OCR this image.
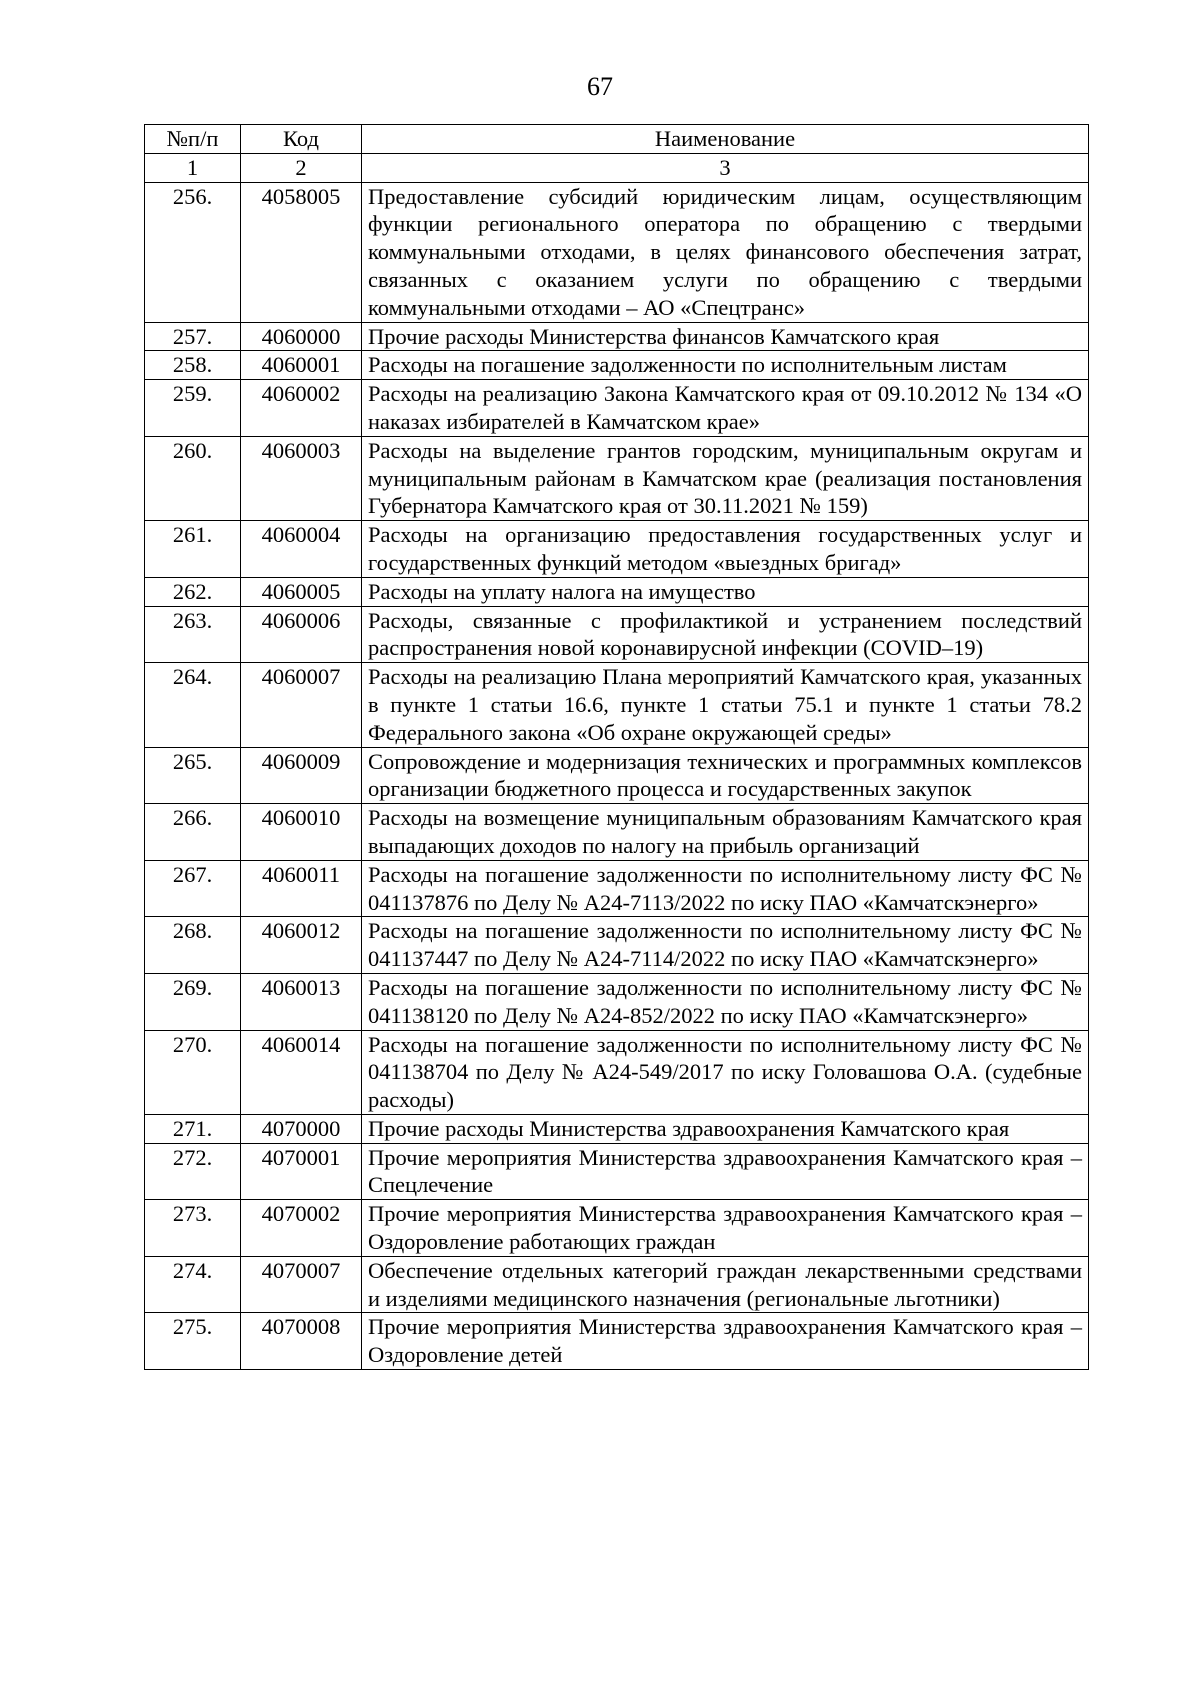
67
№п/п	Код	Наименование
1	2	3
256.	4058005	Предоставление субсидий юридическим лицам, осуществляющим функции регионального оператора по обращению с твердыми коммунальными отходами, в целях финансового обеспечения затрат, связанных с оказанием услуги по обращению с твердыми коммунальными отходами – АО «Спецтранс»
257.	4060000	Прочие расходы Министерства финансов Камчатского края
258.	4060001	Расходы на погашение задолженности по исполнительным листам
259.	4060002	Расходы на реализацию Закона Камчатского края от 09.10.2012 № 134 «О наказах избирателей в Камчатском крае»
260.	4060003	Расходы на выделение грантов городским, муниципальным округам и муниципальным районам в Камчатском крае (реализация постановления Губернатора Камчатского края от 30.11.2021 № 159)
261.	4060004	Расходы на организацию предоставления государственных услуг и государственных функций методом «выездных бригад»
262.	4060005	Расходы на уплату налога на имущество
263.	4060006	Расходы, связанные с профилактикой и устранением последствий распространения новой коронавирусной инфекции (COVID–19)
264.	4060007	Расходы на реализацию Плана мероприятий Камчатского края, указанных в пункте 1 статьи 16.6, пункте 1 статьи 75.1 и пункте 1 статьи 78.2 Федерального закона «Об охране окружающей среды»
265.	4060009	Сопровождение и модернизация технических и программных комплексов организации бюджетного процесса и государственных закупок
266.	4060010	Расходы на возмещение муниципальным образованиям Камчатского края выпадающих доходов по налогу на прибыль организаций
267.	4060011	Расходы на погашение задолженности по исполнительному листу ФС № 041137876 по Делу № А24-7113/2022 по иску ПАО «Камчатскэнерго»
268.	4060012	Расходы на погашение задолженности по исполнительному листу ФС № 041137447 по Делу № А24-7114/2022 по иску ПАО «Камчатскэнерго»
269.	4060013	Расходы на погашение задолженности по исполнительному листу ФС № 041138120 по Делу № А24-852/2022 по иску ПАО «Камчатскэнерго»
270.	4060014	Расходы на погашение задолженности по исполнительному листу ФС № 041138704 по Делу № А24-549/2017 по иску Головашова О.А. (судебные расходы)
271.	4070000	Прочие расходы Министерства здравоохранения Камчатского края
272.	4070001	Прочие мероприятия Министерства здравоохранения Камчатского края – Спецлечение
273.	4070002	Прочие мероприятия Министерства здравоохранения Камчатского края – Оздоровление работающих граждан
274.	4070007	Обеспечение отдельных категорий граждан лекарственными средствами и изделиями медицинского назначения (региональные льготники)
275.	4070008	Прочие мероприятия Министерства здравоохранения Камчатского края – Оздоровление детей
